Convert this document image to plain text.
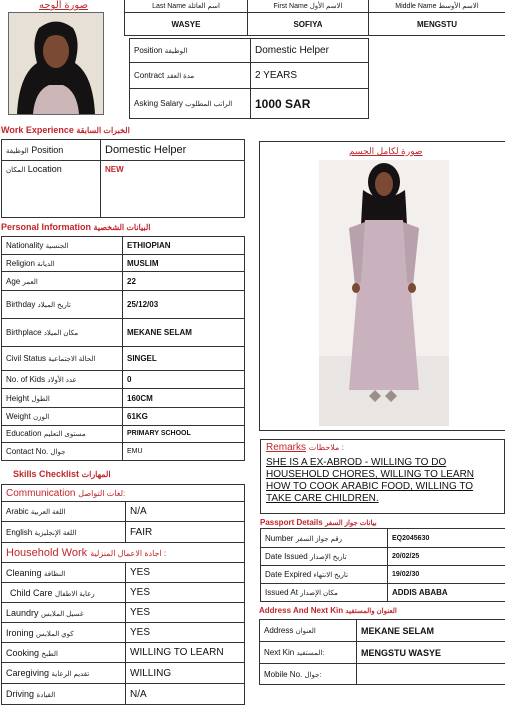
صورة الوجه	Last Name اسم العائلة	First Name الاسم الأول	Middle Name الاسم الأوسط
WASYE	SOFIYA	MENGSTU
Position الوظيفة	Domestic Helper
Contract مدة العقد	2 YEARS
Asking Salary الراتب المطلوب	1000 SAR
Work Experience الخبرات السابقة
الوظيفة Position	Domestic Helper
المكان Location	NEW
Personal Information البيانات الشخصية
Nationality الجنسية	ETHIOPIAN
Religion الديانة	MUSLIM
Age العمر	22
Birthday تاريخ الميلاد	25/12/03
Birthplace مكان الميلاد	MEKANE SELAM
Civil Status الحالة الاجتماعية	SINGEL
No. of Kids عدد الأولاد	0
Height الطول	160CM
Weight الوزن	61KG
Education مستوى التعليم	PRIMARY SCHOOL
Contact No. جوال	EMU
Skills Checklist المهارات
Communication لغات التواصل:	
Arabic اللغة العربية	N/A
English اللغة الإنجليزية	FAIR
Household Work اجادة الاعمال المنزلية :	
Cleaning النظافة	YES
Child Care رعاية الاطفال	YES
Laundry غسيل الملابس	YES
Ironing كوي الملابس	YES
Cooking الطبخ	WILLING TO LEARN
Caregiving تقديم الرعاية	WILLING
Driving القيادة	N/A
صورة لكامل الجسم
Remarks ملاحظات :
SHE IS A EX-ABROD - WILLING TO DO HOUSEHOLD CHORES, WILLING TO LEARN HOW TO COOK ARABIC FOOD, WILLING TO TAKE CARE CHILDREN.
Passport Details بيانات جواز السفر
Number رقم جواز السفر	EQ2045630
Date Issued تاريخ الإصدار	20/02/25
Date Expired تاريخ الانتهاء	19/02/30
Issued At مكان الإصدار	ADDIS ABABA
Address And Next Kin العنوان والمستفيد
Address العنوان	MEKANE SELAM
Next Kin المستفيد:	MENGSTU WASYE
Mobile No. جوال:	
